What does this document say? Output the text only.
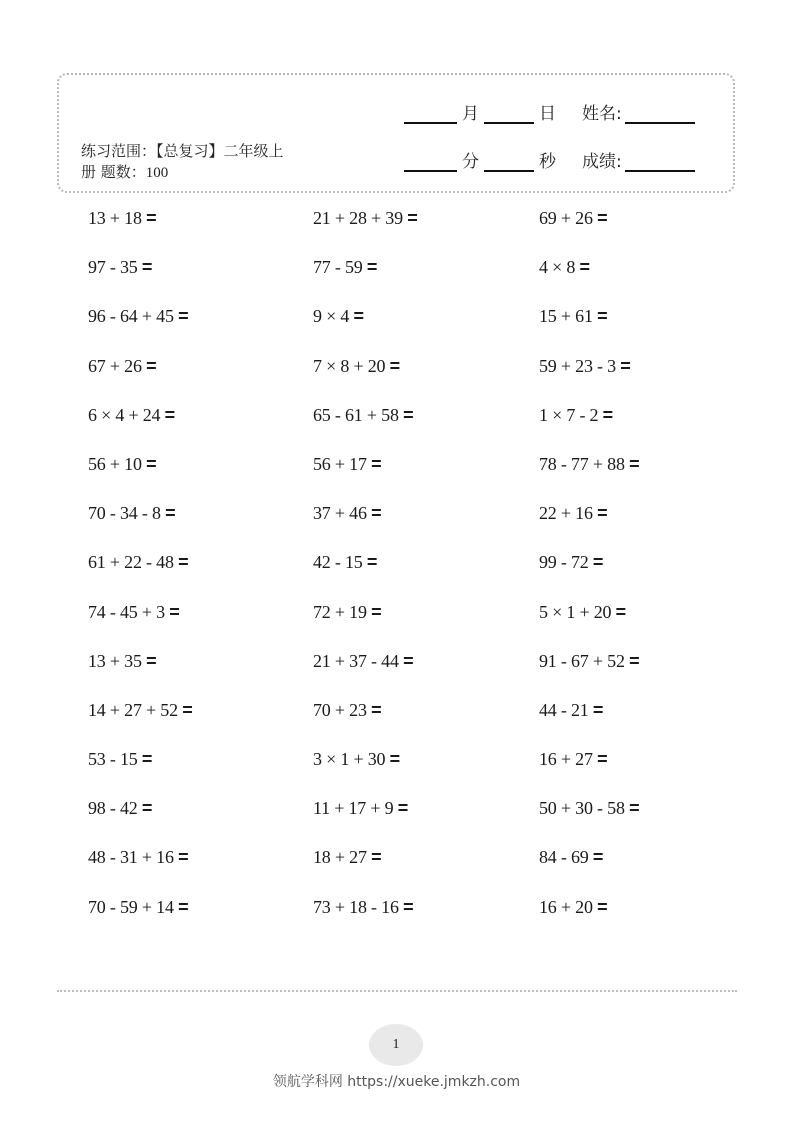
练习范围：【总复习】二年级上
册 题数：100
月	日 姓名:
分	秒 成绩:
13 + 18 =	21 + 28 + 39 =	69 + 26 =
97 - 35 =	77 - 59 =	4 × 8 =
96 - 64 + 45 =	9 × 4 =	15 + 61 =
67 + 26 =	7 × 8 + 20 =	59 + 23 - 3 =
6 × 4 + 24 =	65 - 61 + 58 =	1 × 7 - 2 =
56 + 10 =	56 + 17 =	78 - 77 + 88 =
70 - 34 - 8 =	37 + 46 =	22 + 16 =
61 + 22 - 48 =	42 - 15 =	99 - 72 =
74 - 45 + 3 =	72 + 19 =	5 × 1 + 20 =
13 + 35 =	21 + 37 - 44 =	91 - 67 + 52 =
14 + 27 + 52 =	70 + 23 =	44 - 21 =
53 - 15 =	3 × 1 + 30 =	16 + 27 =
98 - 42 =	11 + 17 + 9 =	50 + 30 - 58 =
48 - 31 + 16 =	18 + 27 =	84 - 69 =
70 - 59 + 14 =	73 + 18 - 16 =	16 + 20 =
1
领航学科网 https://xueke.jmkzh.com
